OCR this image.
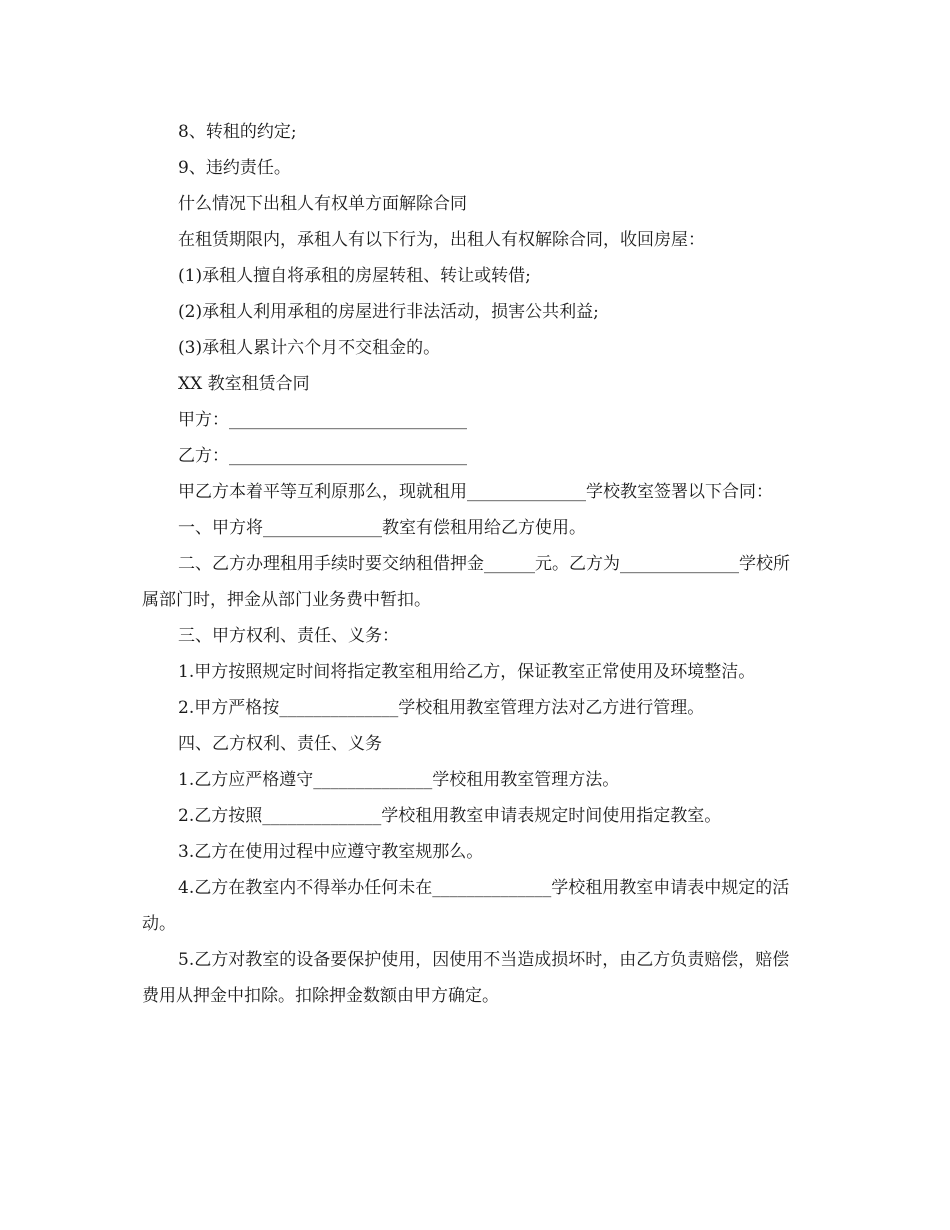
8、转租的约定;

9、违约责任。

什么情况下出租人有权单方面解除合同

在租赁期限内，承租人有以下行为，出租人有权解除合同，收回房屋：

(1)承租人擅自将承租的房屋转租、转让或转借;

(2)承租人利用承租的房屋进行非法活动，损害公共利益;

(3)承租人累计六个月不交租金的。

XX 教室租赁合同

甲方：____________________________

乙方：____________________________

甲乙方本着平等互利原那么，现就租用______________学校教室签署以下合同：

一、甲方将______________教室有偿租用给乙方使用。

二、乙方办理租用手续时要交纳租借押金______元。乙方为______________学校所属部门时，押金从部门业务费中暂扣。

三、甲方权利、责任、义务：

1.甲方按照规定时间将指定教室租用给乙方，保证教室正常使用及环境整洁。

2.甲方严格按______________学校租用教室管理方法对乙方进行管理。

四、乙方权利、责任、义务

1.乙方应严格遵守______________学校租用教室管理方法。

2.乙方按照______________学校租用教室申请表规定时间使用指定教室。

3.乙方在使用过程中应遵守教室规那么。

4.乙方在教室内不得举办任何未在______________学校租用教室申请表中规定的活动。

5.乙方对教室的设备要保护使用，因使用不当造成损坏时，由乙方负责赔偿，赔偿费用从押金中扣除。扣除押金数额由甲方确定。
